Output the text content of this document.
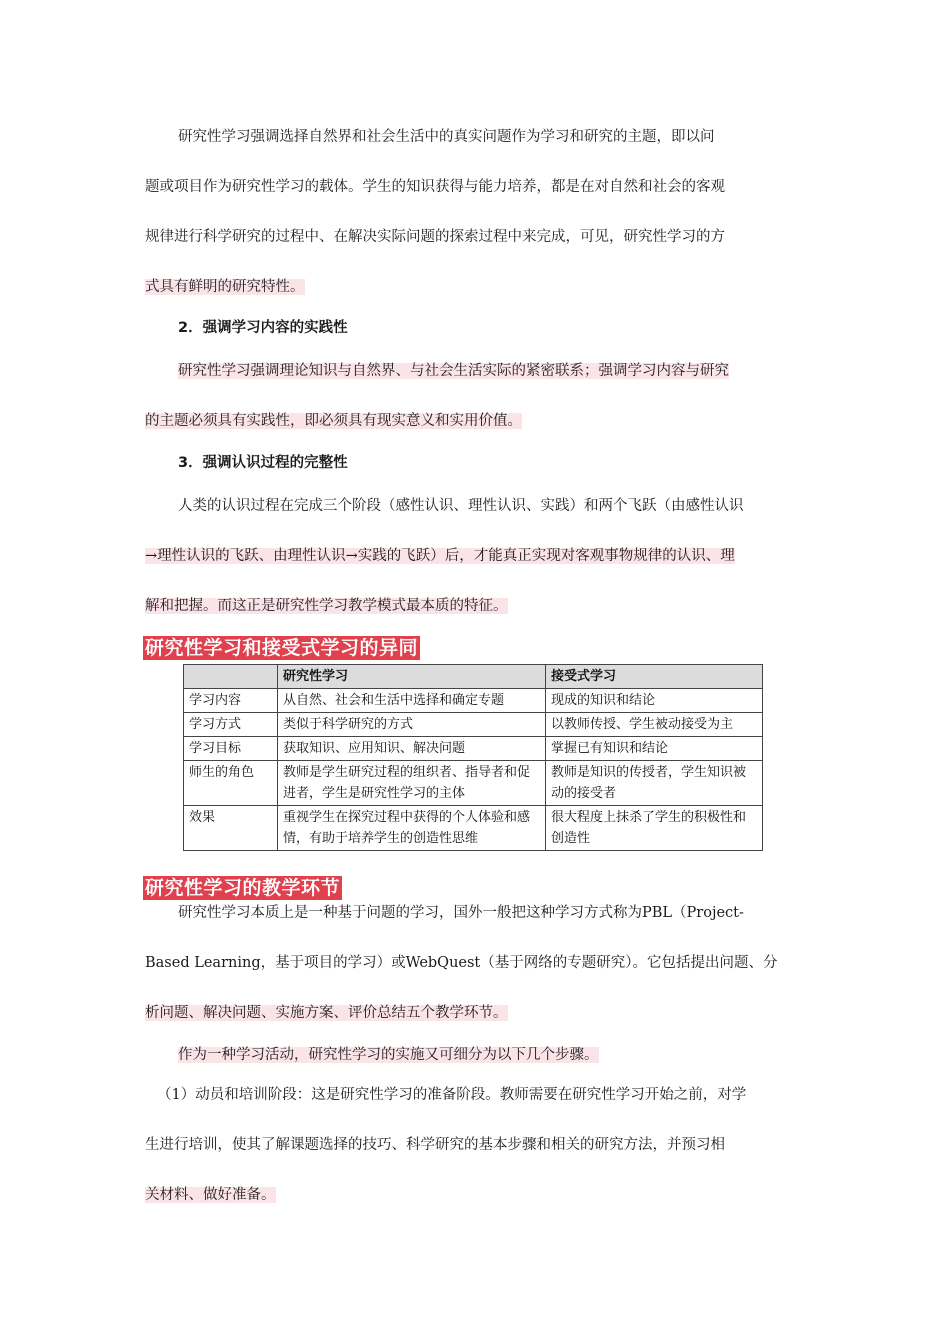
研究性学习强调选择自然界和社会生活中的真实问题作为学习和研究的主题，即以问
题或项目作为研究性学习的载体。学生的知识获得与能力培养，都是在对自然和社会的客观
规律进行科学研究的过程中、在解决实际问题的探索过程中来完成，可见，研究性学习的方
式具有鲜明的研究特性。
2．强调学习内容的实践性
研究性学习强调理论知识与自然界、与社会生活实际的紧密联系；强调学习内容与研究
的主题必须具有实践性，即必须具有现实意义和实用价值。
3．强调认识过程的完整性
人类的认识过程在完成三个阶段（感性认识、理性认识、实践）和两个飞跃（由感性认识
→理性认识的飞跃、由理性认识→实践的飞跃）后，才能真正实现对客观事物规律的认识、理
解和把握。而这正是研究性学习教学模式最本质的特征。
研究性学习和接受式学习的异同
	研究性学习	接受式学习
学习内容	从自然、社会和生活中选择和确定专题	现成的知识和结论
学习方式	类似于科学研究的方式	以教师传授、学生被动接受为主
学习目标	获取知识、应用知识、解决问题	掌握已有知识和结论
师生的角色	教师是学生研究过程的组织者、指导者和促进者，学生是研究性学习的主体	教师是知识的传授者，学生知识被动的接受者
效果	重视学生在探究过程中获得的个人体验和感情，有助于培养学生的创造性思维	很大程度上抹杀了学生的积极性和创造性
研究性学习的教学环节
研究性学习本质上是一种基于问题的学习，国外一般把这种学习方式称为PBL（Project-
Based Learning，基于项目的学习）或WebQuest（基于网络的专题研究）。它包括提出问题、分
析问题、解决问题、实施方案、评价总结五个教学环节。
作为一种学习活动，研究性学习的实施又可细分为以下几个步骤。
（1）动员和培训阶段：这是研究性学习的准备阶段。教师需要在研究性学习开始之前，对学
生进行培训，使其了解课题选择的技巧、科学研究的基本步骤和相关的研究方法，并预习相
关材料、做好准备。
